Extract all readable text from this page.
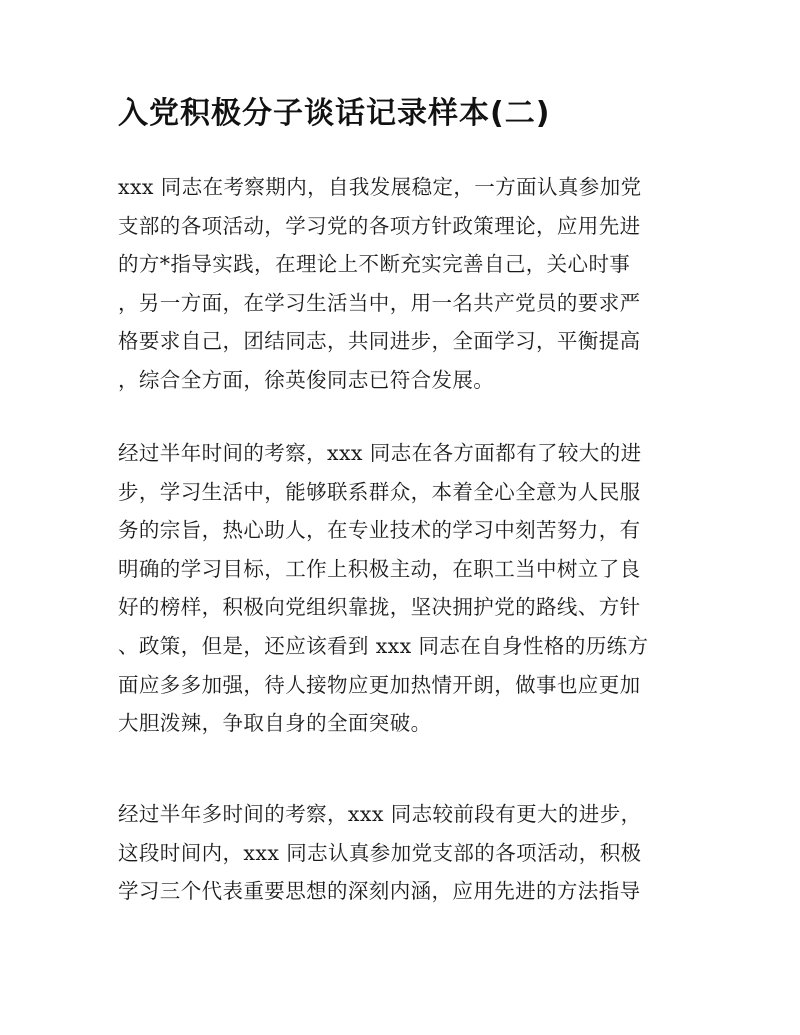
入党积极分子谈话记录样本(二)
xxx 同志在考察期内，自我发展稳定，一方面认真参加党
支部的各项活动，学习党的各项方针政策理论，应用先进
的方*指导实践，在理论上不断充实完善自己，关心时事
，另一方面，在学习生活当中，用一名共产党员的要求严
格要求自己，团结同志，共同进步，全面学习，平衡提高
，综合全方面，徐英俊同志已符合发展。
经过半年时间的考察，xxx 同志在各方面都有了较大的进
步，学习生活中，能够联系群众，本着全心全意为人民服
务的宗旨，热心助人，在专业技术的学习中刻苦努力，有
明确的学习目标，工作上积极主动，在职工当中树立了良
好的榜样，积极向党组织靠拢，坚决拥护党的路线、方针
、政策，但是，还应该看到 xxx 同志在自身性格的历练方
面应多多加强，待人接物应更加热情开朗，做事也应更加
大胆泼辣，争取自身的全面突破。
经过半年多时间的考察，xxx 同志较前段有更大的进步，
这段时间内，xxx 同志认真参加党支部的各项活动，积极
学习三个代表重要思想的深刻内涵，应用先进的方法指导
